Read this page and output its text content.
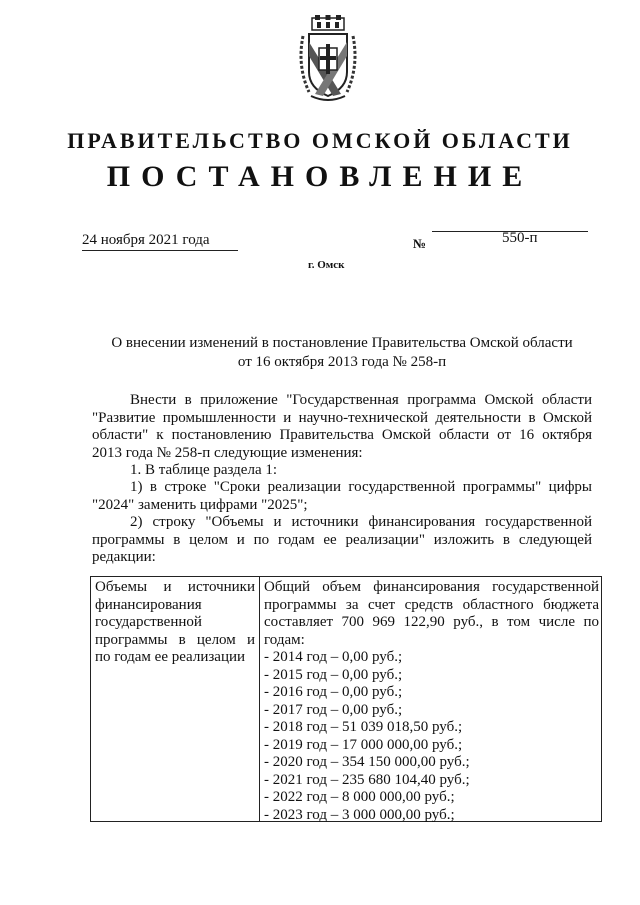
ПРАВИТЕЛЬСТВО ОМСКОЙ ОБЛАСТИ
ПОСТАНОВЛЕНИЕ
24 ноября 2021 года	№	550-п
г. Омск
О внесении изменений в постановление Правительства Омской области
от 16 октября 2013 года № 258-п
Внести в приложение "Государственная программа Омской области
"Развитие промышленности и научно-технической деятельности в Омской
области" к постановлению Правительства Омской области от 16 октября
2013 года № 258-п следующие изменения:
1. В таблице раздела 1:
1) в строке "Сроки реализации государственной программы" цифры
"2024" заменить цифрами "2025";
2) строку "Объемы и источники финансирования государственной
программы в целом и по годам ее реализации" изложить в следующей
редакции:
Объемы и источники
финансирования
государственной
программы в целом и
по годам ее реализации
Общий объем финансирования государственной
программы за счет средств областного бюджета
составляет 700 969 122,90 руб., в том числе по
годам:
- 2014 год – 0,00 руб.;
- 2015 год – 0,00 руб.;
- 2016 год – 0,00 руб.;
- 2017 год – 0,00 руб.;
- 2018 год – 51 039 018,50 руб.;
- 2019 год – 17 000 000,00 руб.;
- 2020 год – 354 150 000,00 руб.;
- 2021 год – 235 680 104,40 руб.;
- 2022 год – 8 000 000,00 руб.;
- 2023 год – 3 000 000,00 руб.;
